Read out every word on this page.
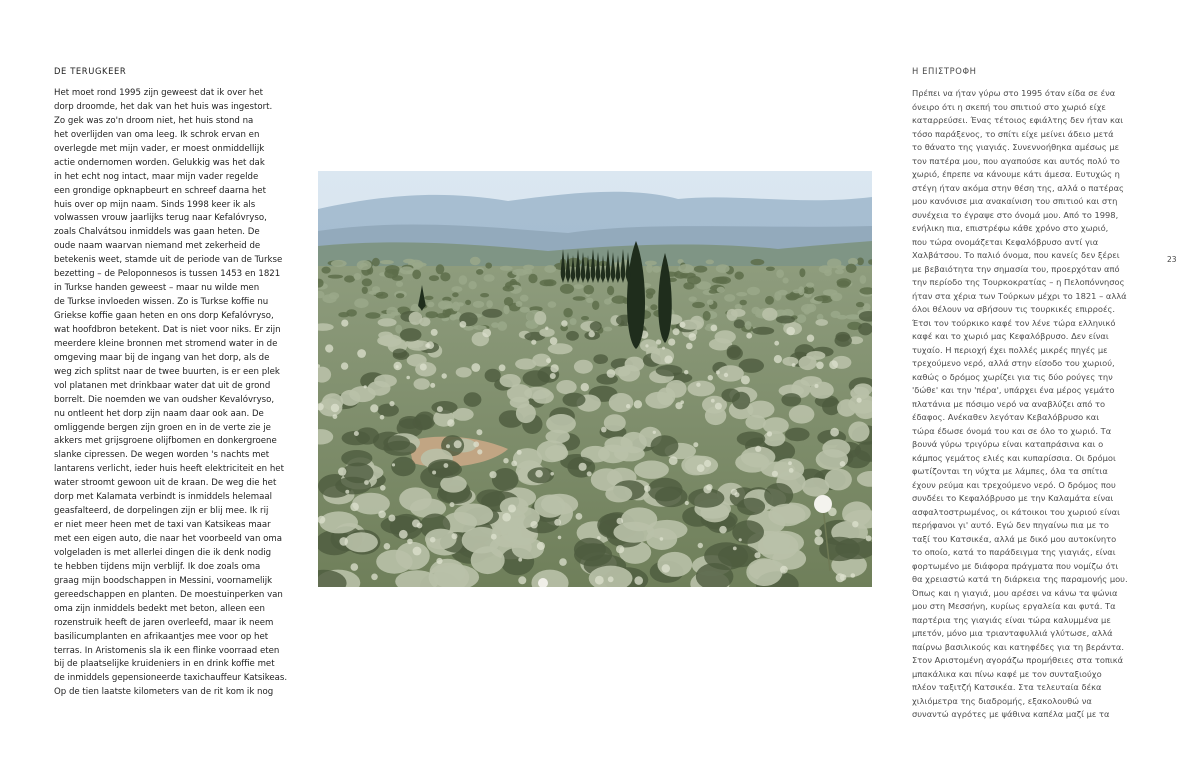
DE TERUGKEER
Het moet rond 1995 zijn geweest dat ik over het
dorp droomde, het dak van het huis was ingestort.
Zo gek was zo'n droom niet, het huis stond na
het overlijden van oma leeg. Ik schrok ervan en
overlegde met mijn vader, er moest onmiddellijk
actie ondernomen worden. Gelukkig was het dak
in het echt nog intact, maar mijn vader regelde
een grondige opknapbeurt en schreef daarna het
huis over op mijn naam. Sinds 1998 keer ik als
volwassen vrouw jaarlijks terug naar Kefalóvryso,
zoals Chalvátsou inmiddels was gaan heten. De
oude naam waarvan niemand met zekerheid de
betekenis weet, stamde uit de periode van de Turkse
bezetting – de Peloponnesos is tussen 1453 en 1821
in Turkse handen geweest – maar nu wilde men
de Turkse invloeden wissen. Zo is Turkse koffie nu
Griekse koffie gaan heten en ons dorp Kefalóvryso,
wat hoofdbron betekent. Dat is niet voor niks. Er zijn
meerdere kleine bronnen met stromend water in de
omgeving maar bij de ingang van het dorp, als de
weg zich splitst naar de twee buurten, is er een plek
vol platanen met drinkbaar water dat uit de grond
borrelt. Die noemden we van oudsher Kevalóvryso,
nu ontleent het dorp zijn naam daar ook aan. De
omliggende bergen zijn groen en in de verte zie je
akkers met grijsgroene olijfbomen en donkergroene
slanke cipressen. De wegen worden 's nachts met
lantarens verlicht, ieder huis heeft elektriciteit en het
water stroomt gewoon uit de kraan. De weg die het
dorp met Kalamata verbindt is inmiddels helemaal
geasfalteerd, de dorpelingen zijn er blij mee. Ik rij
er niet meer heen met de taxi van Katsikeas maar
met een eigen auto, die naar het voorbeeld van oma
volgeladen is met allerlei dingen die ik denk nodig
te hebben tijdens mijn verblijf. Ik doe zoals oma
graag mijn boodschappen in Messini, voornamelijk
gereedschappen en planten. De moestuinperken van
oma zijn inmiddels bedekt met beton, alleen een
rozenstruik heeft de jaren overleefd, maar ik neem
basilicumplanten en afrikaantjes mee voor op het
terras. In Aristomenis sla ik een flinke voorraad eten
bij de plaatselijke kruideniers in en drink koffie met
de inmiddels gepensioneerde taxichauffeur Katsikeas.
Op de tien laatste kilometers van de rit kom ik nog
Η ΕΠΙΣΤΡΟΦΗ
Πρέπει να ήταν γύρω στο 1995 όταν είδα σε ένα
όνειρο ότι η σκεπή του σπιτιού στο χωριό είχε
καταρρεύσει. Ένας τέτοιος εφιάλτης δεν ήταν και
τόσο παράξενος, το σπίτι είχε μείνει άδειο μετά
το θάνατο της γιαγιάς. Συνεννοήθηκα αμέσως με
τον πατέρα μου, που αγαπούσε και αυτός πολύ το
χωριό, έπρεπε να κάνουμε κάτι άμεσα. Ευτυχώς η
στέγη ήταν ακόμα στην θέση της, αλλά ο πατέρας
μου κανόνισε μια ανακαίνιση του σπιτιού και στη
συνέχεια το έγραψε στο όνομά μου. Από το 1998,
ενήλικη πια, επιστρέφω κάθε χρόνο στο χωριό,
που τώρα ονομάζεται Κεφαλόβρυσο αντί για
Χαλβάτσου. Το παλιό όνομα, που κανείς δεν ξέρει
με βεβαιότητα την σημασία του, προερχόταν από
την περίοδο της Τουρκοκρατίας – η Πελοπόννησος
ήταν στα χέρια των Τούρκων μέχρι το 1821 – αλλά
όλοι θέλουν να σβήσουν τις τουρκικές επιρροές.
Έτσι τον τούρκικο καφέ τον λένε τώρα ελληνικό
καφέ και το χωριό μας Κεφαλόβρυσο. Δεν είναι
τυχαίο. Η περιοχή έχει πολλές μικρές πηγές με
τρεχούμενο νερό, αλλά στην είσοδο του χωριού,
καθώς ο δρόμος χωρίζει για τις δύο ρούγες την
'δώθε' και την 'πέρα', υπάρχει ένα μέρος γεμάτο
πλατάνια με πόσιμο νερό να αναβλύζει από το
έδαφος. Ανέκαθεν λεγόταν Κεβαλόβρυσο και
τώρα έδωσε όνομά του και σε όλο το χωριό. Τα
βουνά γύρω τριγύρω είναι καταπράσινα και ο
κάμπος γεμάτος ελιές και κυπαρίσσια. Οι δρόμοι
φωτίζονται τη νύχτα με λάμπες, όλα τα σπίτια
έχουν ρεύμα και τρεχούμενο νερό. Ο δρόμος που
συνδέει το Κεφαλόβρυσο με την Καλαμάτα είναι
ασφαλτοστρωμένος, οι κάτοικοι του χωριού είναι
περήφανοι γι' αυτό. Εγώ δεν πηγαίνω πια με το
ταξί του Κατσικέα, αλλά με δικό μου αυτοκίνητο
το οποίο, κατά το παράδειγμα της γιαγιάς, είναι
φορτωμένο με διάφορα πράγματα που νομίζω ότι
θα χρειαστώ κατά τη διάρκεια της παραμονής μου.
Όπως και η γιαγιά, μου αρέσει να κάνω τα ψώνια
μου στη Μεσσήνη, κυρίως εργαλεία και φυτά. Τα
παρτέρια της γιαγιάς είναι τώρα καλυμμένα με
μπετόν, μόνο μια τριανταφυλλιά γλύτωσε, αλλά
παίρνω βασιλικούς και κατηφέδες για τη βεράντα.
Στον Αριστομένη αγοράζω προμήθειες στα τοπικά
μπακάλικα και πίνω καφέ με τον συνταξιούχο
πλέον ταξιτζή Κατσικέα. Στα τελευταία δέκα
χιλιόμετρα της διαδρομής, εξακολουθώ να
συναντώ αγρότες με ψάθινα καπέλα μαζί με τα
23
